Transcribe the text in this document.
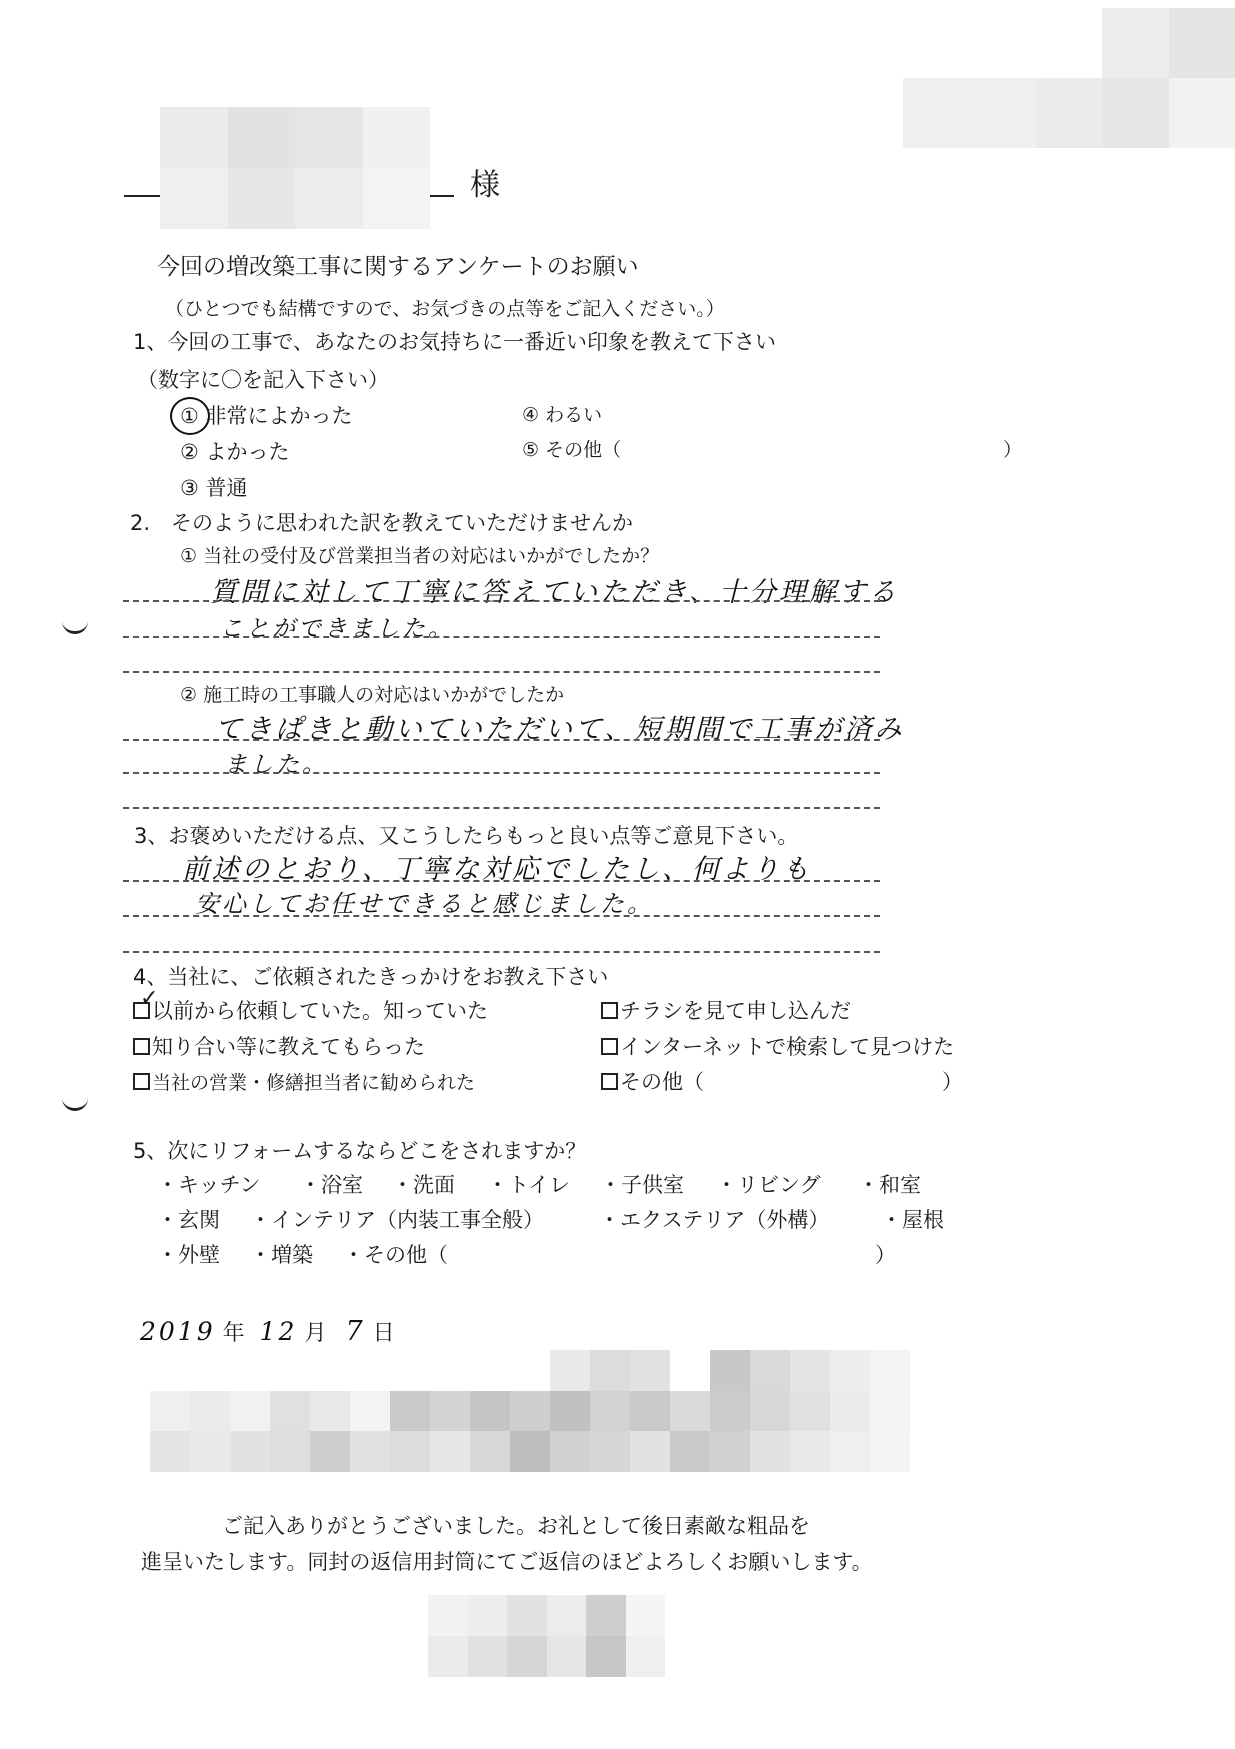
様
今回の増改築工事に関するアンケートのお願い
（ひとつでも結構ですので、お気づきの点等をご記入ください。）
1、今回の工事で、あなたのお気持ちに一番近い印象を教えて下さい
（数字に〇を記入下さい）
① 非常によかった
② よかった
③ 普通
④ わるい
⑤ その他（	）
2.　そのように思われた訳を教えていただけませんか
① 当社の受付及び営業担当者の対応はいかがでしたか？
質問に対して丁寧に答えていただき、十分理解する
ことができました。
② 施工時の工事職人の対応はいかがでしたか
てきぱきと動いていただいて、短期間で工事が済み
ました。
3、お褒めいただける点、又こうしたらもっと良い点等ご意見下さい。
前述のとおり、丁寧な対応でしたし、何よりも
安心してお任せできると感じました。
4、当社に、ご依頼されたきっかけをお教え下さい
以前から依頼していた。知っていた
✓
知り合い等に教えてもらった
当社の営業・修繕担当者に勧められた
チラシを見て申し込んだ
インターネットで検索して見つけた
その他（	）
5、次にリフォームするならどこをされますか？
・キッチン ・浴室 ・洗面 ・トイレ ・子供室 ・リビング ・和室
・玄関 ・インテリア（内装工事全般）	・エクステリア（外構） ・屋根
・外壁 ・増築 ・その他（	）
2019 年 12 月 7 日
ご記入ありがとうございました。お礼として後日素敵な粗品を
進呈いたします。同封の返信用封筒にてご返信のほどよろしくお願いします。
